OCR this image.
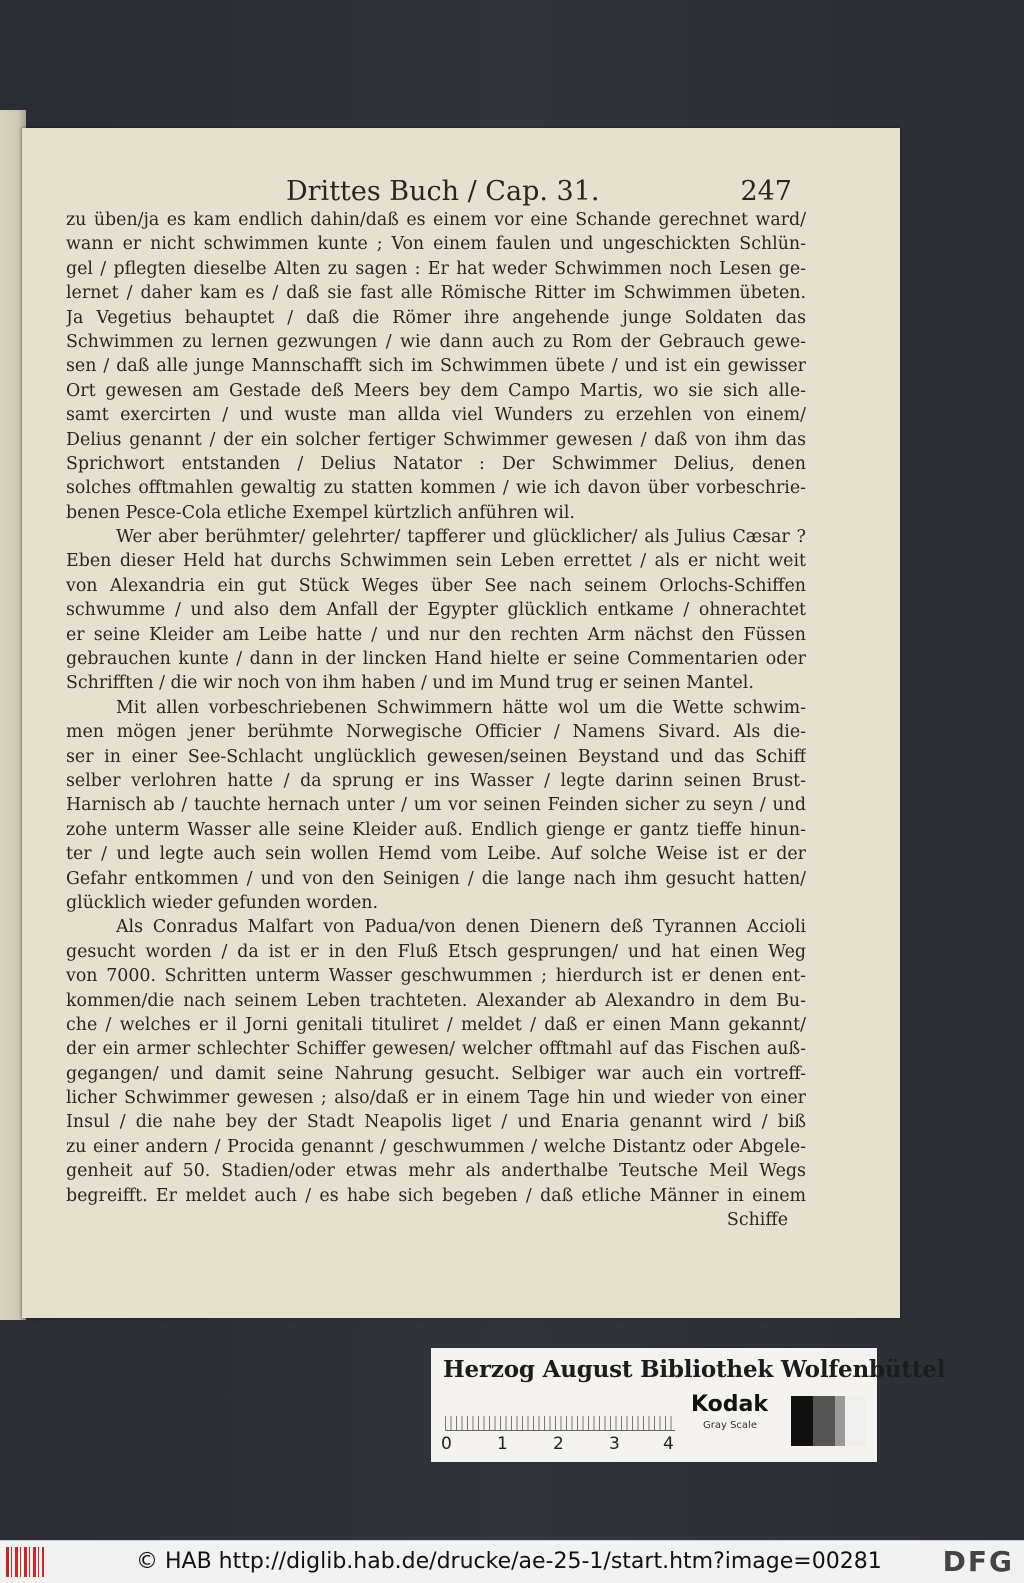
Drittes Buch / Cap. 31.	247
zu üben/ja es kam endlich dahin/daß es einem vor eine Schande gerechnet ward/
wann er nicht schwimmen kunte ; Von einem faulen und ungeschickten Schlün-
gel / pflegten dieselbe Alten zu sagen : Er hat weder Schwimmen noch Lesen ge-
lernet / daher kam es / daß sie fast alle Römische Ritter im Schwimmen übeten.
Ja Vegetius behauptet / daß die Römer ihre angehende junge Soldaten das
Schwimmen zu lernen gezwungen / wie dann auch zu Rom der Gebrauch gewe-
sen / daß alle junge Mannschafft sich im Schwimmen übete / und ist ein gewisser
Ort gewesen am Gestade deß Meers bey dem Campo Martis, wo sie sich alle-
samt exercirten / und wuste man allda viel Wunders zu erzehlen von einem/
Delius genannt / der ein solcher fertiger Schwimmer gewesen / daß von ihm das
Sprichwort entstanden / Delius Natator : Der Schwimmer Delius, denen
solches offtmahlen gewaltig zu statten kommen / wie ich davon über vorbeschrie-
benen Pesce-Cola etliche Exempel kürtzlich anführen wil.
Wer aber berühmter/ gelehrter/ tapfferer und glücklicher/ als Julius Cæsar ?
Eben dieser Held hat durchs Schwimmen sein Leben errettet / als er nicht weit
von Alexandria ein gut Stück Weges über See nach seinem Orlochs-Schiffen
schwumme / und also dem Anfall der Egypter glücklich entkame / ohnerachtet
er seine Kleider am Leibe hatte / und nur den rechten Arm nächst den Füssen
gebrauchen kunte / dann in der lincken Hand hielte er seine Commentarien oder
Schrifften / die wir noch von ihm haben / und im Mund trug er seinen Mantel.
Mit allen vorbeschriebenen Schwimmern hätte wol um die Wette schwim-
men mögen jener berühmte Norwegische Officier / Namens Sivard. Als die-
ser in einer See-Schlacht unglücklich gewesen/seinen Beystand und das Schiff
selber verlohren hatte / da sprung er ins Wasser / legte darinn seinen Brust-
Harnisch ab / tauchte hernach unter / um vor seinen Feinden sicher zu seyn / und
zohe unterm Wasser alle seine Kleider auß. Endlich gienge er gantz tieffe hinun-
ter / und legte auch sein wollen Hemd vom Leibe. Auf solche Weise ist er der
Gefahr entkommen / und von den Seinigen / die lange nach ihm gesucht hatten/
glücklich wieder gefunden worden.
Als Conradus Malfart von Padua/von denen Dienern deß Tyrannen Accioli
gesucht worden / da ist er in den Fluß Etsch gesprungen/ und hat einen Weg
von 7000. Schritten unterm Wasser geschwummen ; hierdurch ist er denen ent-
kommen/die nach seinem Leben trachteten. Alexander ab Alexandro in dem Bu-
che / welches er il Jorni genitali tituliret / meldet / daß er einen Mann gekannt/
der ein armer schlechter Schiffer gewesen/ welcher offtmahl auf das Fischen auß-
gegangen/ und damit seine Nahrung gesucht. Selbiger war auch ein vortreff-
licher Schwimmer gewesen ; also/daß er in einem Tage hin und wieder von einer
Insul / die nahe bey der Stadt Neapolis liget / und Enaria genannt wird / biß
zu einer andern / Procida genannt / geschwummen / welche Distantz oder Abgele-
genheit auf 50. Stadien/oder etwas mehr als anderthalbe Teutsche Meil Wegs
begreifft. Er meldet auch / es habe sich begeben / daß etliche Männer in einem
Schiffe
Herzog August Bibliothek Wolfenbüttel
0	1	2	3	4
Kodak
Gray Scale
© HAB http://diglib.hab.de/drucke/ae-25-1/start.htm?image=00281 DFG
